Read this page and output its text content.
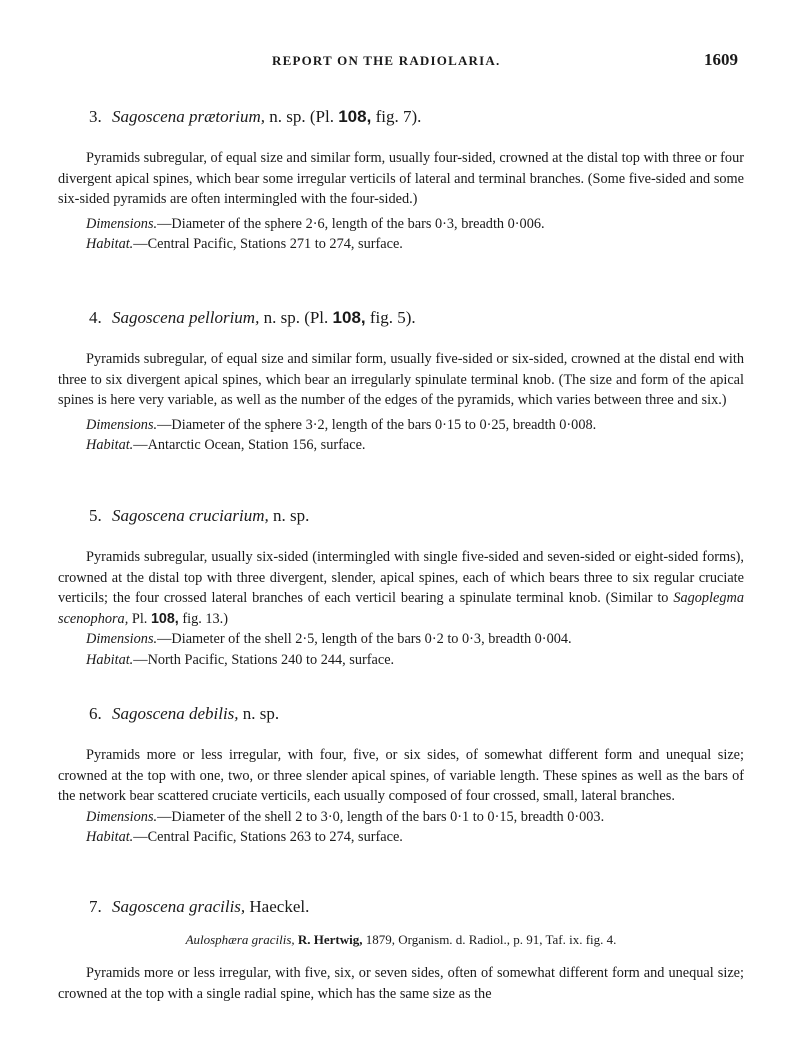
REPORT ON THE RADIOLARIA.	1609
3. Sagoscena prætorium, n. sp. (Pl. 108, fig. 7).

Pyramids subregular, of equal size and similar form, usually four-sided, crowned at the distal top with three or four divergent apical spines, which bear some irregular verticils of lateral and terminal branches. (Some five-sided and some six-sided pyramids are often intermingled with the four-sided.)

Dimensions.—Diameter of the sphere 2·6, length of the bars 0·3, breadth 0·006.
Habitat.—Central Pacific, Stations 271 to 274, surface.
4. Sagoscena pellorium, n. sp. (Pl. 108, fig. 5).

Pyramids subregular, of equal size and similar form, usually five-sided or six-sided, crowned at the distal end with three to six divergent apical spines, which bear an irregularly spinulate terminal knob. (The size and form of the apical spines is here very variable, as well as the number of the edges of the pyramids, which varies between three and six.)

Dimensions.—Diameter of the sphere 3·2, length of the bars 0·15 to 0·25, breadth 0·008.
Habitat.—Antarctic Ocean, Station 156, surface.
5. Sagoscena cruciarium, n. sp.

Pyramids subregular, usually six-sided (intermingled with single five-sided and seven-sided or eight-sided forms), crowned at the distal top with three divergent, slender, apical spines, each of which bears three to six regular cruciate verticils; the four crossed lateral branches of each verticil bearing a spinulate terminal knob. (Similar to Sagoplegma scenophora, Pl. 108, fig. 13.)

Dimensions.—Diameter of the shell 2·5, length of the bars 0·2 to 0·3, breadth 0·004.
Habitat.—North Pacific, Stations 240 to 244, surface.
6. Sagoscena debilis, n. sp.

Pyramids more or less irregular, with four, five, or six sides, of somewhat different form and unequal size; crowned at the top with one, two, or three slender apical spines, of variable length. These spines as well as the bars of the network bear scattered cruciate verticils, each usually composed of four crossed, small, lateral branches.

Dimensions.—Diameter of the shell 2 to 3·0, length of the bars 0·1 to 0·15, breadth 0·003.
Habitat.—Central Pacific, Stations 263 to 274, surface.
7. Sagoscena gracilis, Haeckel.
Aulosphæra gracilis, R. Hertwig, 1879, Organism. d. Radiol., p. 91, Taf. ix. fig. 4.

Pyramids more or less irregular, with five, six, or seven sides, often of somewhat different form and unequal size; crowned at the top with a single radial spine, which has the same size as the
